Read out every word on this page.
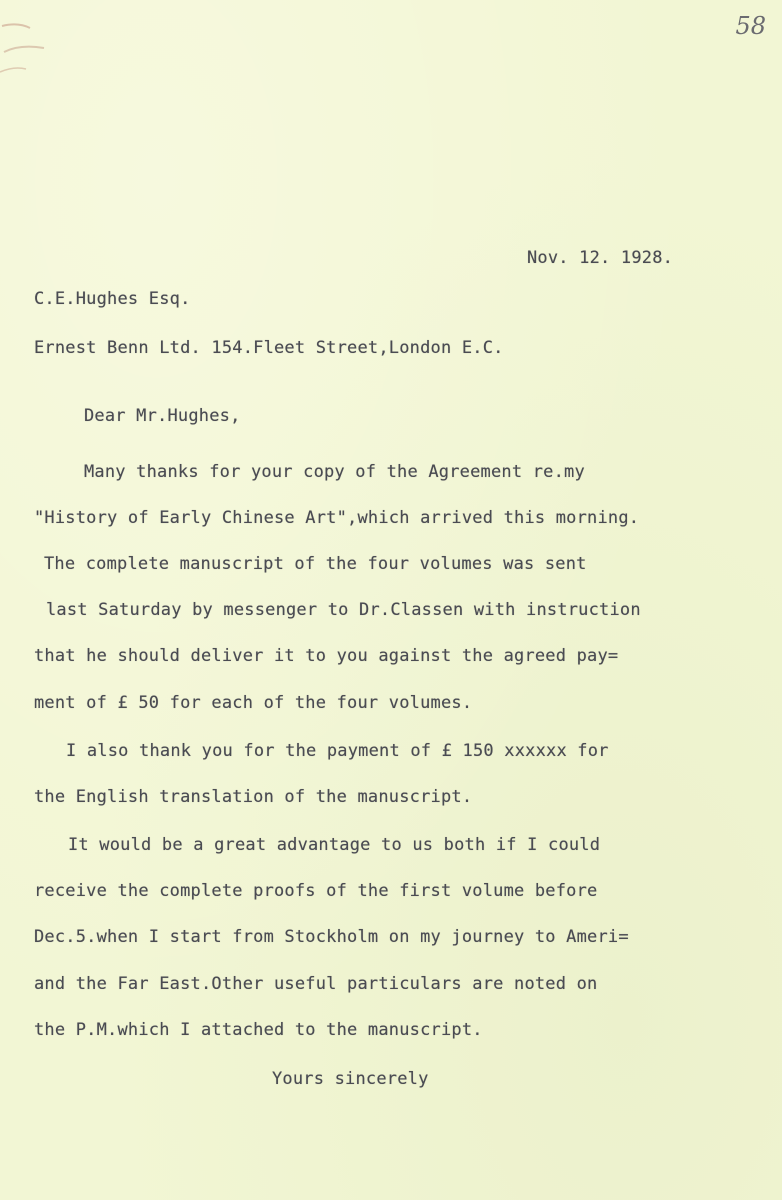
58
Nov. 12. 1928.
C.E.Hughes Esq.
Ernest Benn Ltd. 154.Fleet Street,London E.C.
Dear Mr.Hughes,
Many thanks for your copy of the Agreement re.my
"History of Early Chinese Art",which arrived this morning.
The complete manuscript of the four volumes was sent
last Saturday by messenger to Dr.Classen with instruction
that he should deliver it to you against the agreed pay=
ment of £ 50 for each of the four volumes.
I also thank you for the payment of £ 150 xxxxxx for
the English translation of the manuscript.
It would be a great advantage to us both if I could
receive the complete proofs of the first volume before
Dec.5.when I start from Stockholm on my journey to Ameri=
and the Far East.Other useful particulars are noted on
the P.M.which I attached to the manuscript.
Yours sincerely
